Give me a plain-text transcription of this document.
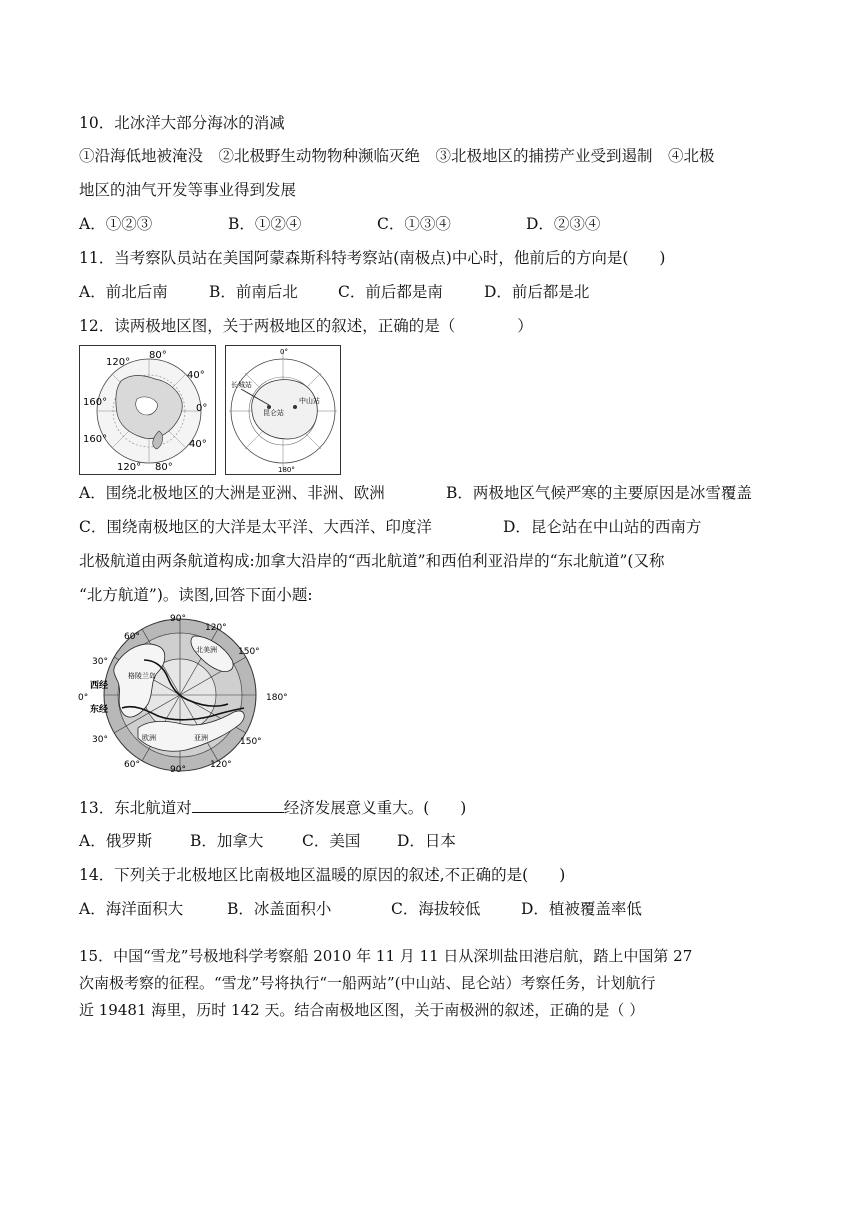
10．北冰洋大部分海冰的消减
①沿海低地被淹没　②北极野生动物物种濒临灭绝　③北极地区的捕捞产业受到遏制　④北极
地区的油气开发等事业得到发展
A．①②③	B．①②④	C．①③④	D．②③④
11．当考察队员站在美国阿蒙森斯科特考察站(南极点)中心时，他前后的方向是(　　)
A．前北后南	B．前南后北	C．前后都是南	D．前后都是北
12．读两极地区图，关于两极地区的叙述，正确的是（　　　　）
120°
80°
40°
160°
0°
160°	40°
120° 80°
0°
长城站
中山站
昆仑站
180°
A．围绕北极地区的大洲是亚洲、非洲、欧洲	B．两极地区气候严寒的主要原因是冰雪覆盖
C．围绕南极地区的大洋是太平洋、大西洋、印度洋	D．昆仑站在中山站的西南方
北极航道由两条航道构成:加拿大沿岸的“西北航道”和西伯利亚沿岸的“东北航道”(又称
“北方航道”)。读图,回答下面小题:
90°
120°
150°
180°
150°
120°
90°
60°
30°
0°
30°
60°
西经
东经
北美洲
格陵兰岛
欧洲	亚洲
13．东北航道对	经济发展意义重大。(　　)
A．俄罗斯 B．加拿大 C．美国 D．日本
14．下列关于北极地区比南极地区温暖的原因的叙述,不正确的是(　　)
A．海洋面积大	B．冰盖面积小	C．海拔较低	D．植被覆盖率低
15．中国“雪龙”号极地科学考察船 2010 年 11 月 11 日从深圳盐田港启航，踏上中国第 27
次南极考察的征程。“雪龙”号将执行“一船两站”(中山站、昆仑站）考察任务，计划航行
近 19481 海里，历时 142 天。结合南极地区图，关于南极洲的叙述，正确的是（ ）
